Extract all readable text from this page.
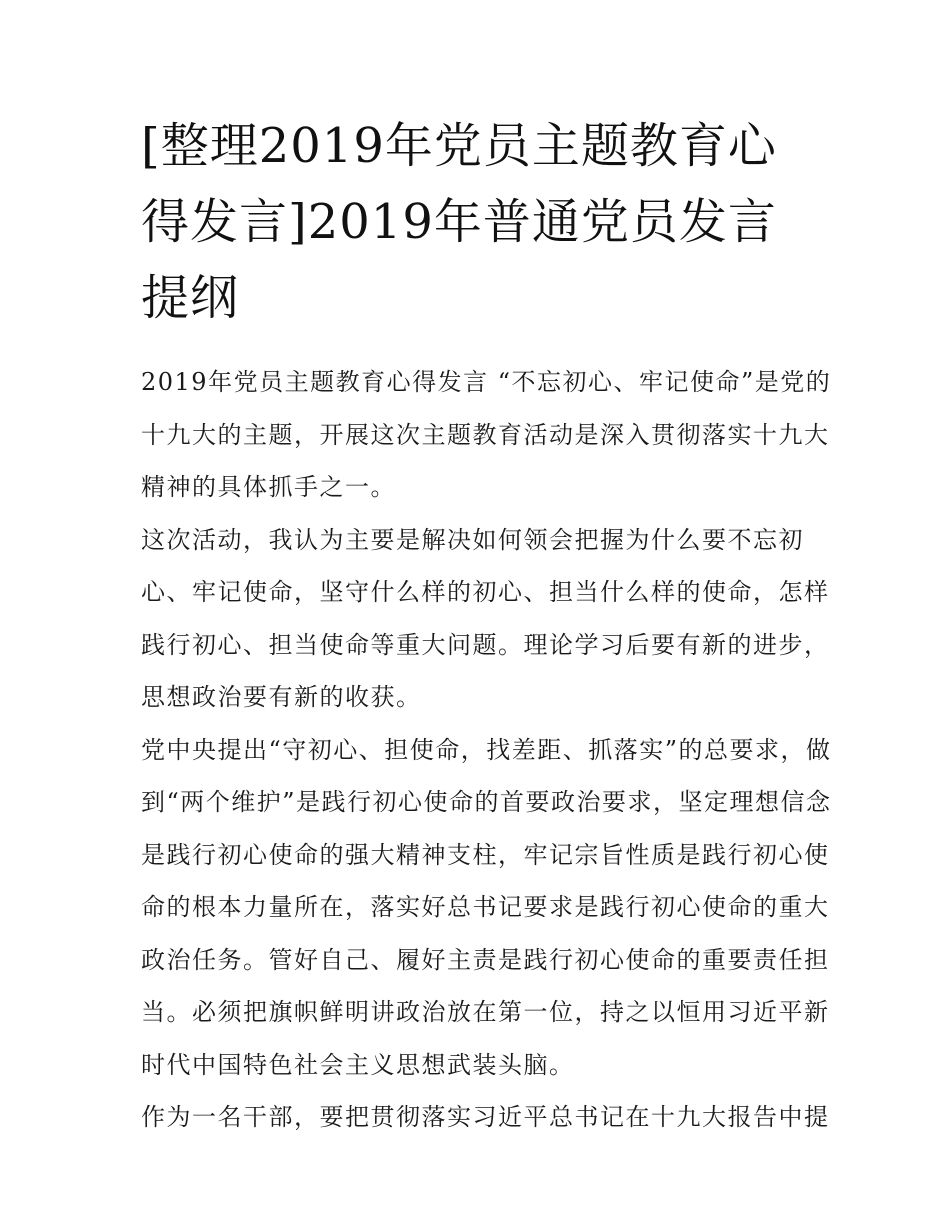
[整理2019年党员主题教育心
得发言]2019年普通党员发言
提纲

2019年党员主题教育心得发言 “不忘初心、牢记使命”是党的

十九大的主题，开展这次主题教育活动是深入贯彻落实十九大

精神的具体抓手之一。

这次活动，我认为主要是解决如何领会把握为什么要不忘初

心、牢记使命，坚守什么样的初心、担当什么样的使命，怎样

践行初心、担当使命等重大问题。理论学习后要有新的进步，

思想政治要有新的收获。

党中央提出“守初心、担使命，找差距、抓落实”的总要求，做

到“两个维护”是践行初心使命的首要政治要求，坚定理想信念

是践行初心使命的强大精神支柱，牢记宗旨性质是践行初心使

命的根本力量所在，落实好总书记要求是践行初心使命的重大

政治任务。管好自己、履好主责是践行初心使命的重要责任担

当。必须把旗帜鲜明讲政治放在第一位，持之以恒用习近平新

时代中国特色社会主义思想武装头脑。

作为一名干部，要把贯彻落实习近平总书记在十九大报告中提
